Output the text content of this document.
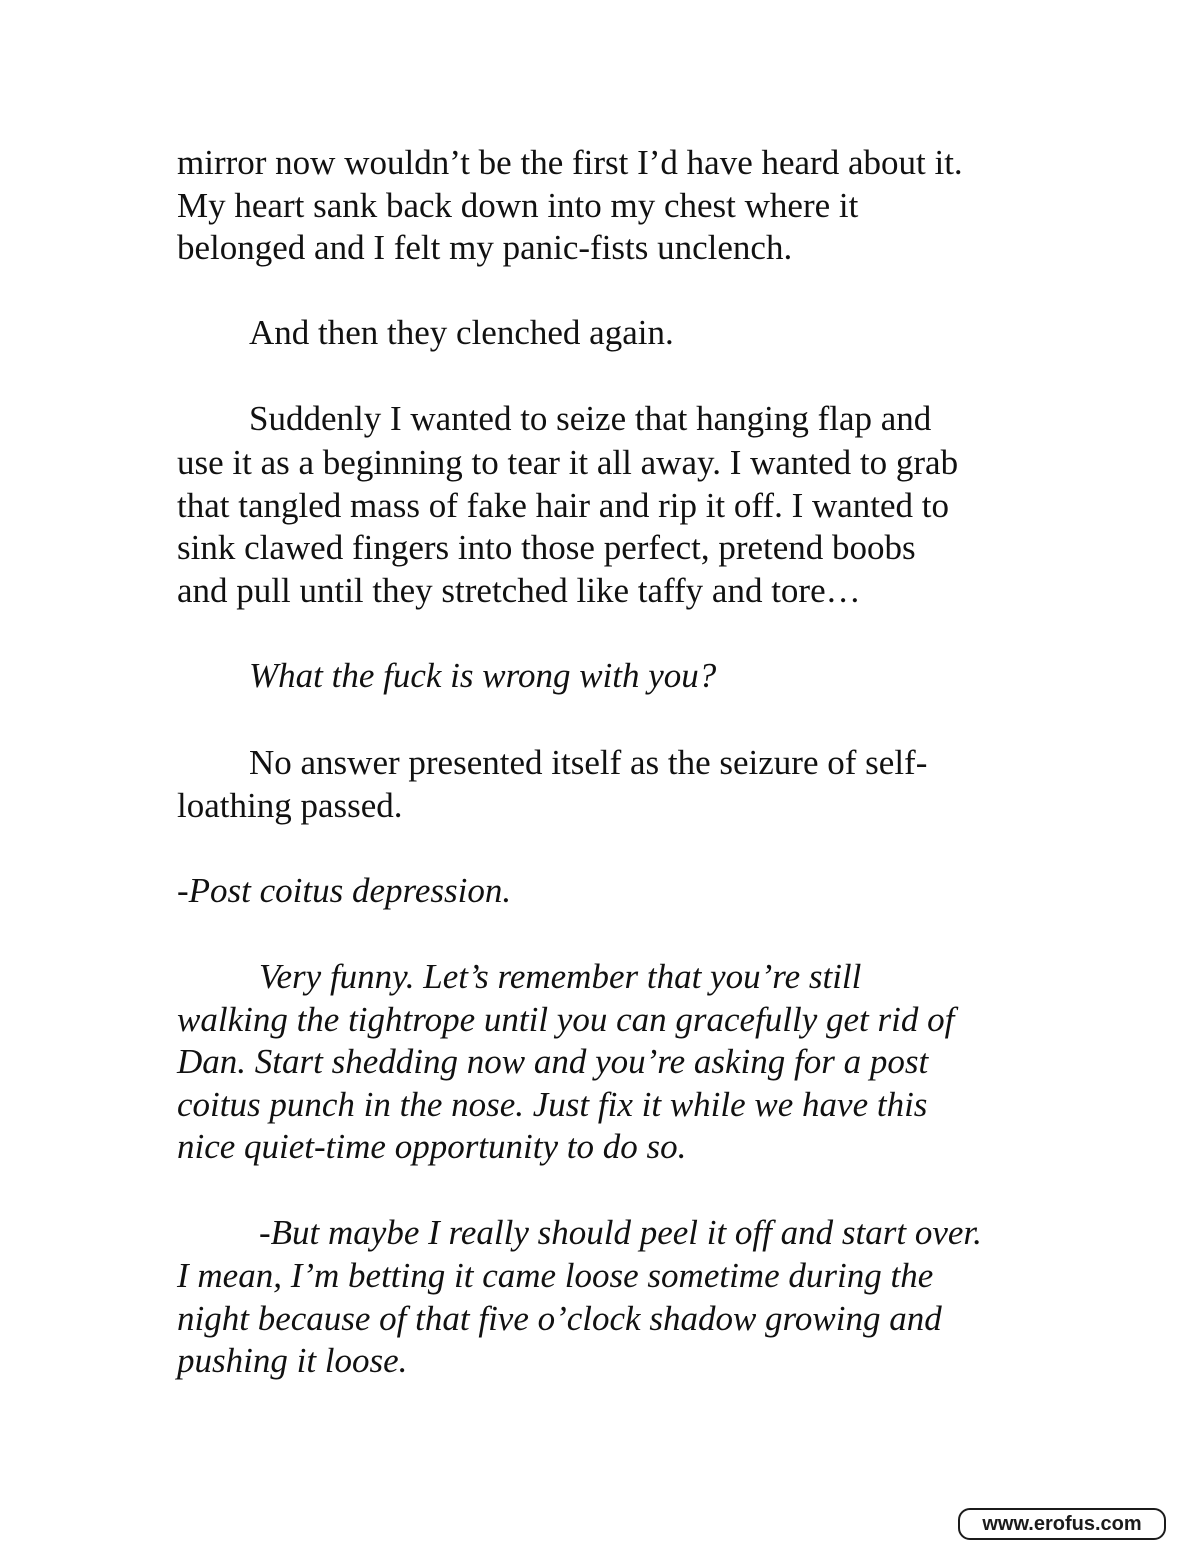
mirror now wouldn’t be the first I’d have heard about it.
My heart sank back down into my chest where it
belonged and I felt my panic-fists unclench.
And then they clenched again.
Suddenly I wanted to seize that hanging flap and
use it as a beginning to tear it all away. I wanted to grab
that tangled mass of fake hair and rip it off. I wanted to
sink clawed fingers into those perfect, pretend boobs
and pull until they stretched like taffy and tore…
What the fuck is wrong with you?
No answer presented itself as the seizure of self-
loathing passed.
-Post coitus depression.
Very funny. Let’s remember that you’re still
walking the tightrope until you can gracefully get rid of
Dan. Start shedding now and you’re asking for a post
coitus punch in the nose. Just fix it while we have this
nice quiet-time opportunity to do so.
-But maybe I really should peel it off and start over.
I mean, I’m betting it came loose sometime during the
night because of that five o’clock shadow growing and
pushing it loose.
www.erofus.com
